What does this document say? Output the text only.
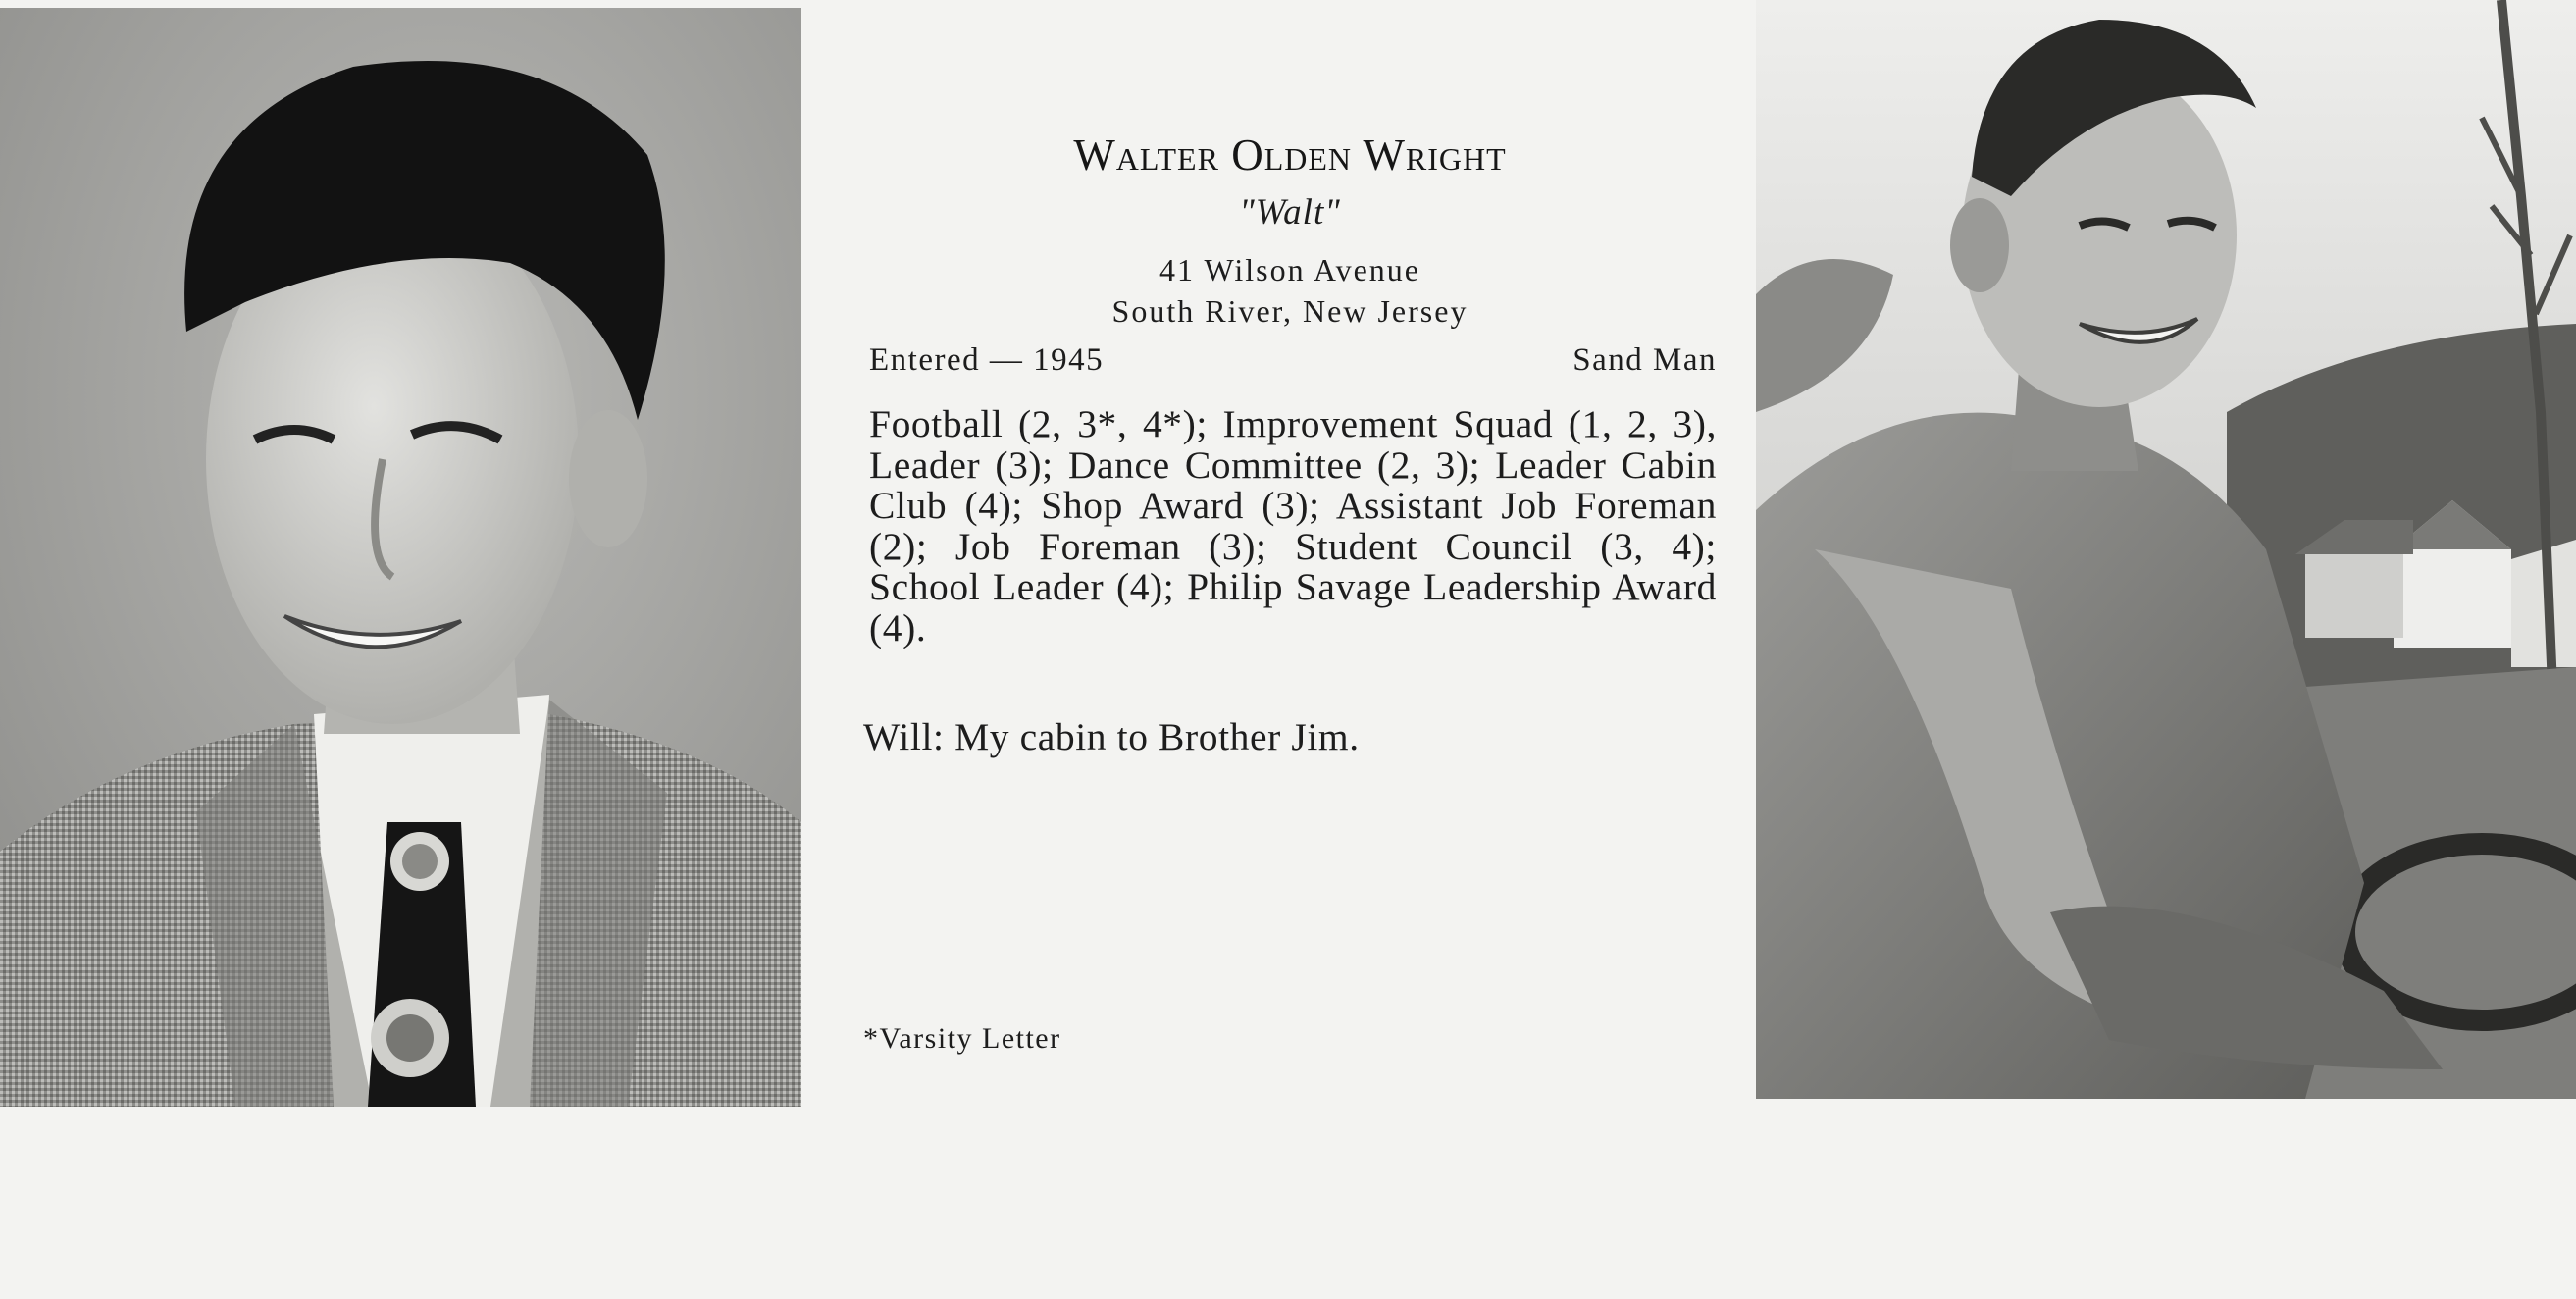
Walter Olden Wright
"Walt"
41 Wilson Avenue
South River, New Jersey
Entered — 1945	Sand Man

Football (2, 3*, 4*); Improvement Squad (1, 2, 3), Leader (3); Dance Committee (2, 3); Leader Cabin Club (4); Shop Award (3); Assistant Job Foreman (2); Job Foreman (3); Student Council (3, 4); School Leader (4); Philip Savage Leadership Award (4).

Will: My cabin to Brother Jim.
*Varsity Letter
